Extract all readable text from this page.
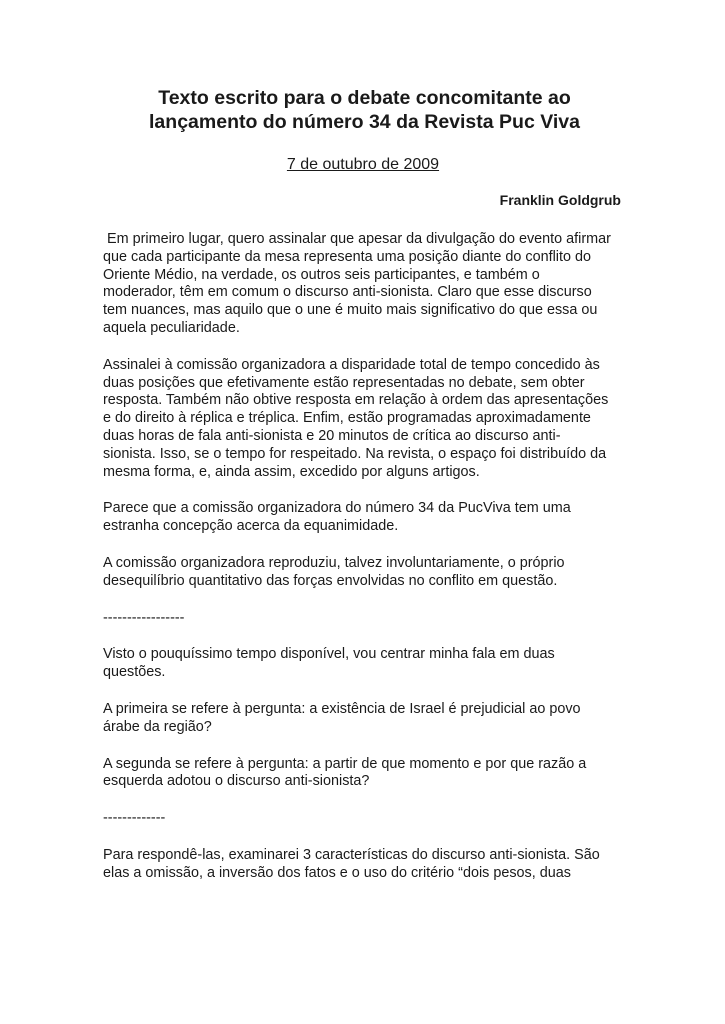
Texto escrito para o debate concomitante ao
lançamento do número 34 da Revista Puc Viva
7 de outubro de 2009
Franklin Goldgrub

Em primeiro lugar, quero assinalar que apesar da divulgação do evento afirmar
que cada participante da mesa representa uma posição diante do conflito do
Oriente Médio, na verdade, os outros seis participantes, e também o
moderador, têm em comum o discurso anti-sionista. Claro que esse discurso
tem nuances, mas aquilo que o une é muito mais significativo do que essa ou
aquela peculiaridade.

Assinalei à comissão organizadora a disparidade total de tempo concedido às
duas posições que efetivamente estão representadas no debate, sem obter
resposta. Também não obtive resposta em relação à ordem das apresentações
e do direito à réplica e tréplica. Enfim, estão programadas aproximadamente
duas horas de fala anti-sionista e 20 minutos de crítica ao discurso anti-
sionista. Isso, se o tempo for respeitado. Na revista, o espaço foi distribuído da
mesma forma, e, ainda assim, excedido por alguns artigos.

Parece que a comissão organizadora do número 34 da PucViva tem uma
estranha concepção acerca da equanimidade.

A comissão organizadora reproduziu, talvez involuntariamente, o próprio
desequilíbrio quantitativo das forças envolvidas no conflito em questão.

-----------------

Visto o pouquíssimo tempo disponível, vou centrar minha fala em duas
questões.

A primeira se refere à pergunta: a existência de Israel é prejudicial ao povo
árabe da região?

A segunda se refere à pergunta: a partir de que momento e por que razão a
esquerda adotou o discurso anti-sionista?

-------------

Para respondê-las, examinarei 3 características do discurso anti-sionista. São
elas a omissão, a inversão dos fatos e o uso do critério “dois pesos, duas
